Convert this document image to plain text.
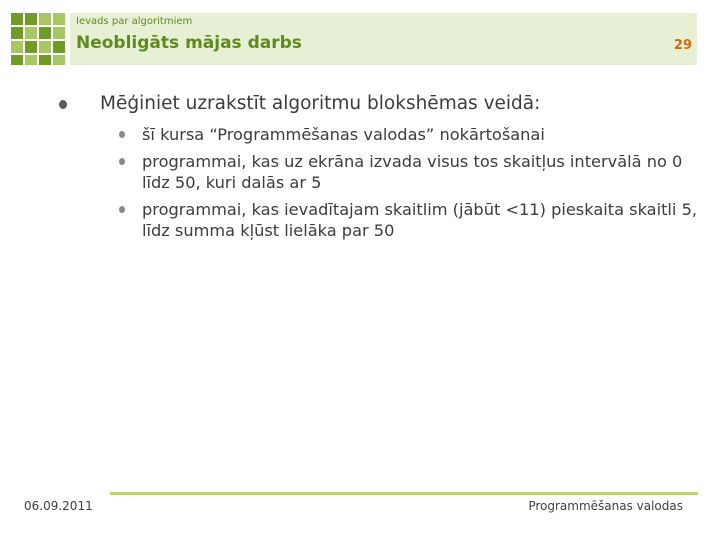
Ievads par algoritmiem
Neobligāts mājas darbs	29
Mēģiniet uzrakstīt algoritmu blokshēmas veidā:
šī kursa “Programmēšanas valodas” nokārtošanai
programmai, kas uz ekrāna izvada visus tos skaitļus intervālā no 0 līdz 50, kuri dalās ar 5
programmai, kas ievadītajam skaitlim (jābūt <11) pieskaita skaitli 5, līdz summa kļūst lielāka par 50
06.09.2011	Programmēšanas valodas
